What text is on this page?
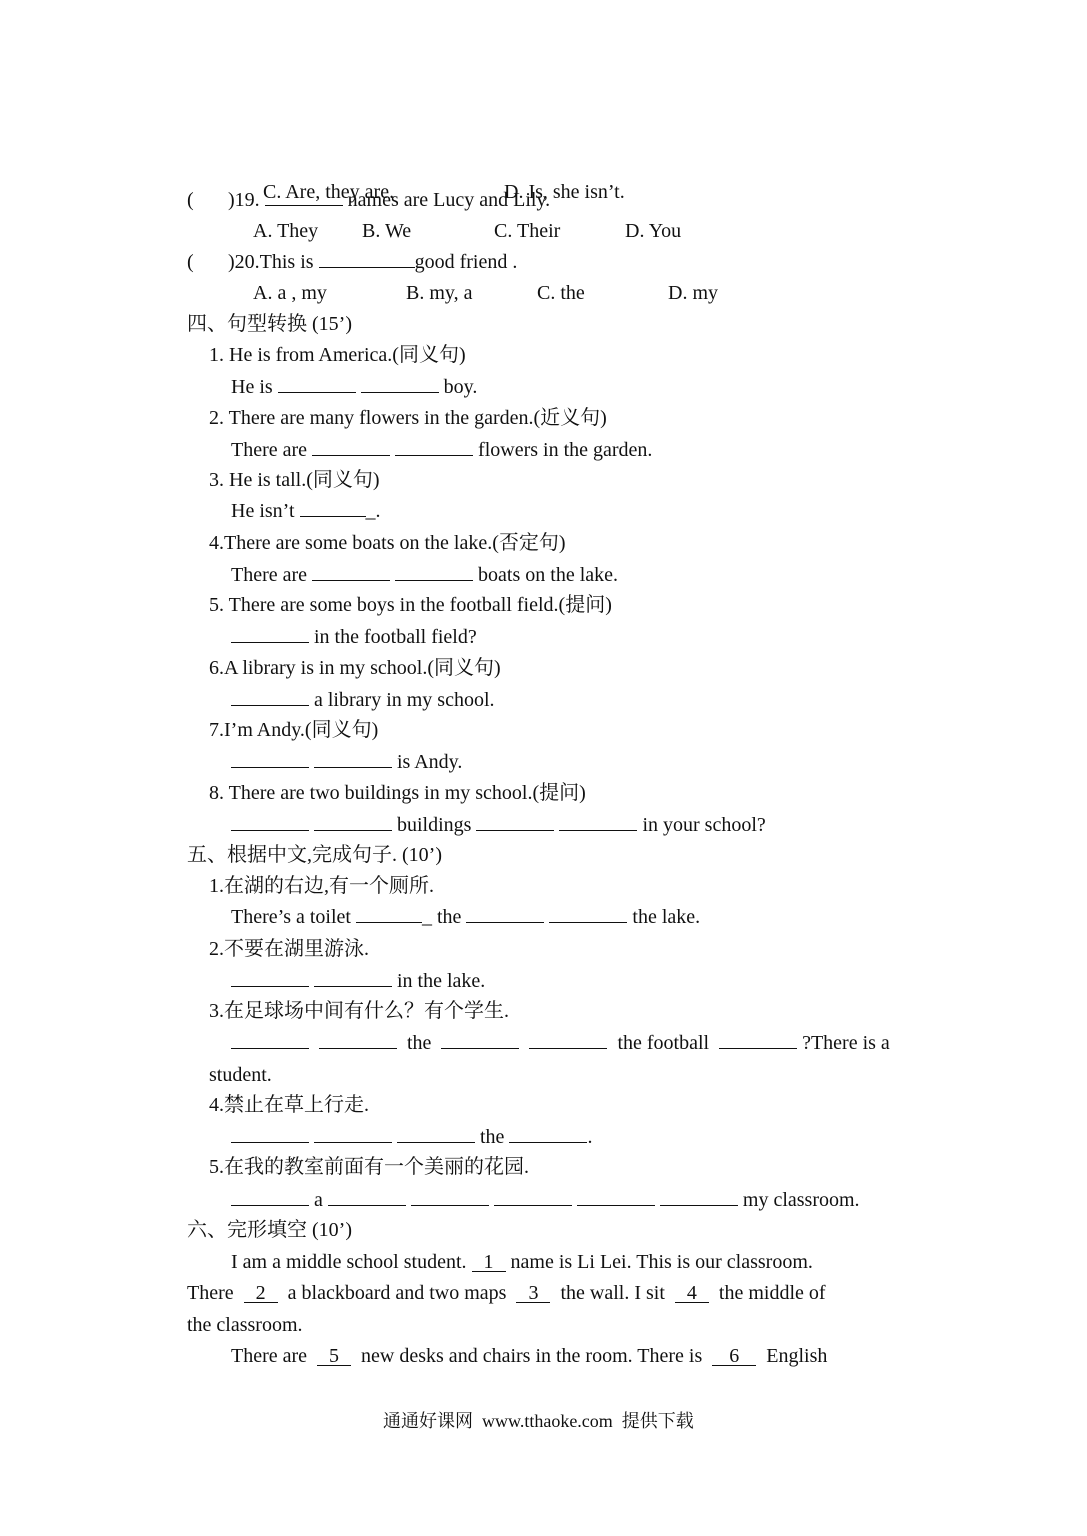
C. Are, they are.	D. Is, she isn’t.

( )19.	names are Lucy and Lily.
A. They B. We	C. Their	D. You
( )20.This is	good friend .
A. a , my	B. my, a	C. the	D. my
四、句型转换 (15’)
1. He is from America.(同义句)
He is	boy.
2. There are many flowers in the garden.(近义句)
There are	flowers in the garden.
3. He is tall.(同义句)
He isn’t	_.
4.There are some boats on the lake.(否定句)
There are	boats on the lake.
5. There are some boys in the football field.(提问)
in the football field?
6.A library is in my school.(同义句)
a library in my school.
7.I’m Andy.(同义句)
is Andy.
8. There are two buildings in my school.(提问)
buildings	in your school?
五、根据中文,完成句子. (10’)
1.在湖的右边,有一个厕所.
There’s a toilet	_ the	the lake.
2.不要在湖里游泳.
in the lake.
3.在足球场中间有什么？有个学生.
the	the football	?There is a
student.
4.禁止在草上行走.
the	.
5.在我的教室前面有一个美丽的花园.
a	my classroom.
六、完形填空 (10’)
I am a middle school student. 1 name is Li Lei. This is our classroom.
There  2  a blackboard and two maps  3  the wall. I sit  4  the middle of
the classroom.
There are  5  new desks and chairs in the room. There is  6  English
通通好课网  www.tthaoke.com  提供下载
